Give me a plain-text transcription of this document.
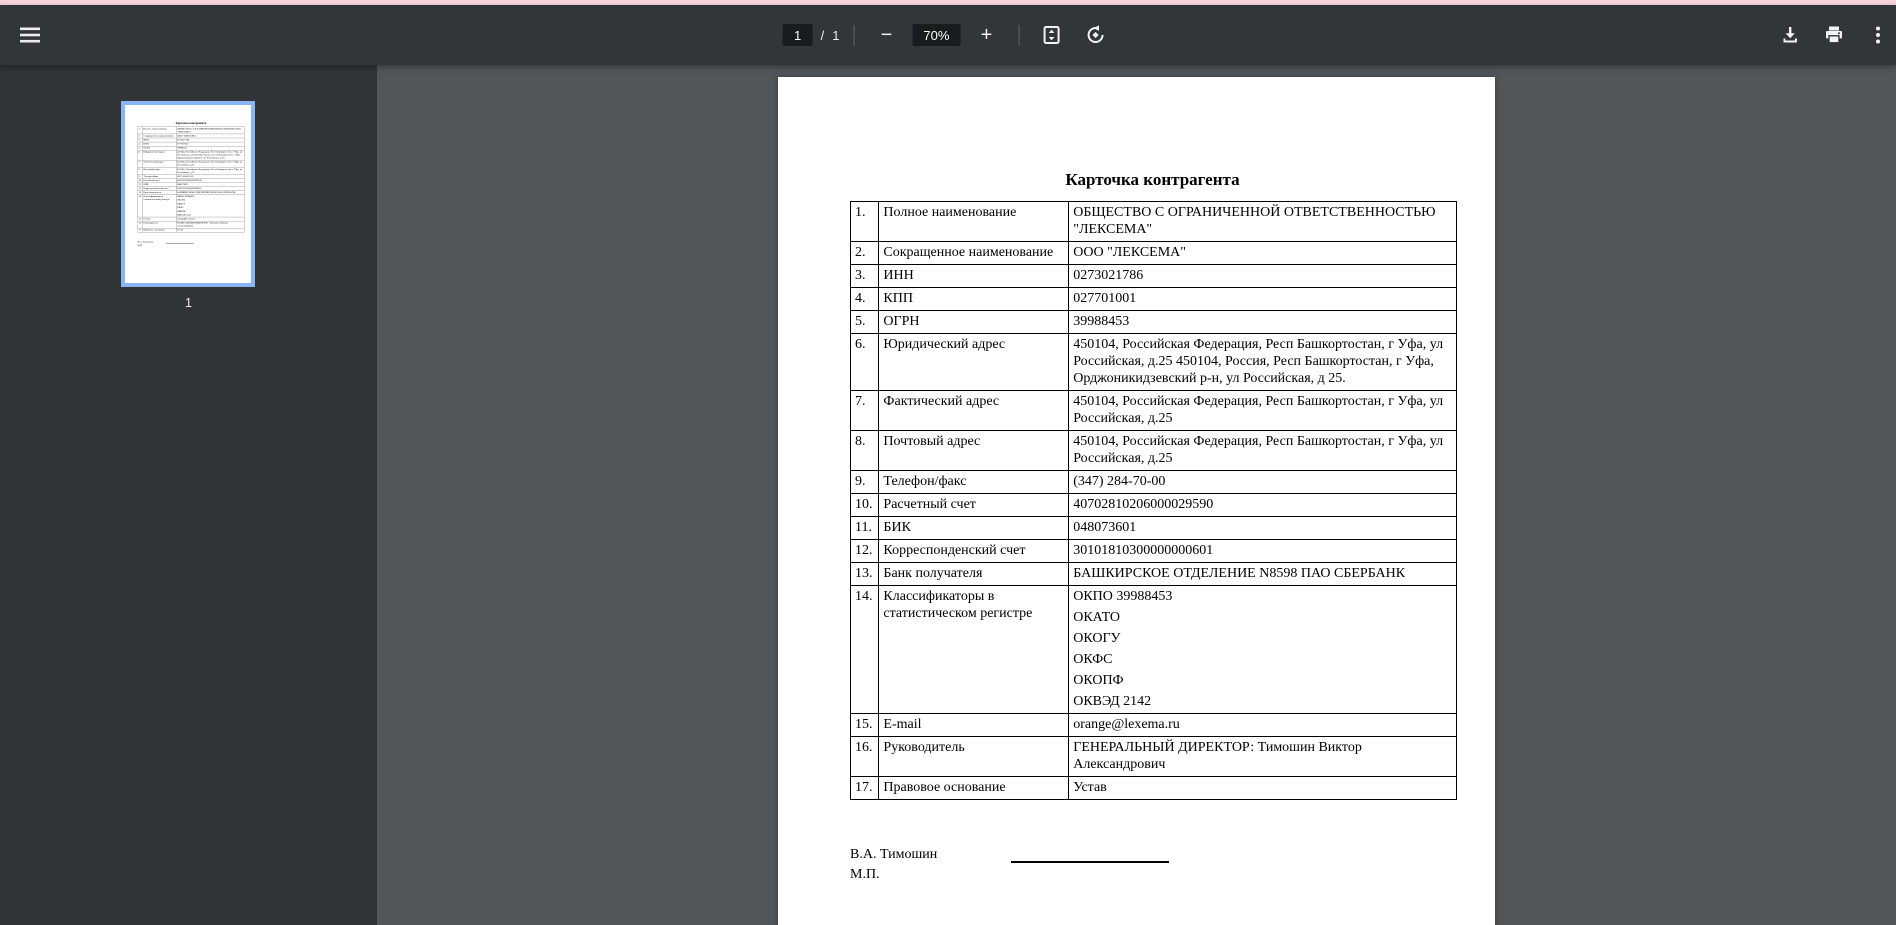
1
/ 1	−	70%	+
Карточка контрагента
1.	Полное наименование	ОБЩЕСТВО С ОГРАНИЧЕННОЙ ОТВЕТСТВЕННОСТЬЮ "ЛЕКСЕМА"
2.	Сокращенное наименование	ООО "ЛЕКСЕМА"
3.	ИНН	0273021786
4.	КПП	027701001
5.	ОГРН	39988453
6.	Юридический адрес	450104, Российская Федерация, Респ Башкортостан, г Уфа, ул Российская, д.25 450104, Россия, Респ Башкортостан, г Уфа, Орджоникидзевский р-н, ул Российская, д 25.
7.	Фактический адрес	450104, Российская Федерация, Респ Башкортостан, г Уфа, ул Российская, д.25
8.	Почтовый адрес	450104, Российская Федерация, Респ Башкортостан, г Уфа, ул Российская, д.25
9.	Телефон/факс	(347) 284-70-00
10.	Расчетный счет	40702810206000029590
11.	БИК	048073601
12.	Корреспонденский счет	30101810300000000601
13.	Банк получателя	БАШКИРСКОЕ ОТДЕЛЕНИЕ N8598 ПАО СБЕРБАНК
14.	Классификаторы в статистическом регистре	
ОКПО 39988453
ОКАТО
ОКОГУ
ОКФС
ОКОПФ
ОКВЭД 2142

15.	E-mail	orange@lexema.ru
16.	Руководитель	ГЕНЕРАЛЬНЫЙ ДИРЕКТОР: Тимошин Виктор Александрович
17.	Правовое основание	Устав
В.А. Тимошин
М.П.
1
Карточка контрагента
1.	Полное наименование	ОБЩЕСТВО С ОГРАНИЧЕННОЙ ОТВЕТСТВЕННОСТЬЮ "ЛЕКСЕМА"
2.	Сокращенное наименование	ООО "ЛЕКСЕМА"
3.	ИНН	0273021786
4.	КПП	027701001
5.	ОГРН	39988453
6.	Юридический адрес	450104, Российская Федерация, Респ Башкортостан, г Уфа, ул Российская, д.25 450104, Россия, Респ Башкортостан, г Уфа, Орджоникидзевский р-н, ул Российская, д 25.
7.	Фактический адрес	450104, Российская Федерация, Респ Башкортостан, г Уфа, ул Российская, д.25
8.	Почтовый адрес	450104, Российская Федерация, Респ Башкортостан, г Уфа, ул Российская, д.25
9.	Телефон/факс	(347) 284-70-00
10.	Расчетный счет	40702810206000029590
11.	БИК	048073601
12.	Корреспонденский счет	30101810300000000601
13.	Банк получателя	БАШКИРСКОЕ ОТДЕЛЕНИЕ N8598 ПАО СБЕРБАНК
14.	Классификаторы в статистическом регистре	
ОКПО 39988453
ОКАТО
ОКОГУ
ОКФС
ОКОПФ
ОКВЭД 2142

15.	E-mail	orange@lexema.ru
16.	Руководитель	ГЕНЕРАЛЬНЫЙ ДИРЕКТОР: Тимошин Виктор Александрович
17.	Правовое основание	Устав
В.А. Тимошин
М.П.
